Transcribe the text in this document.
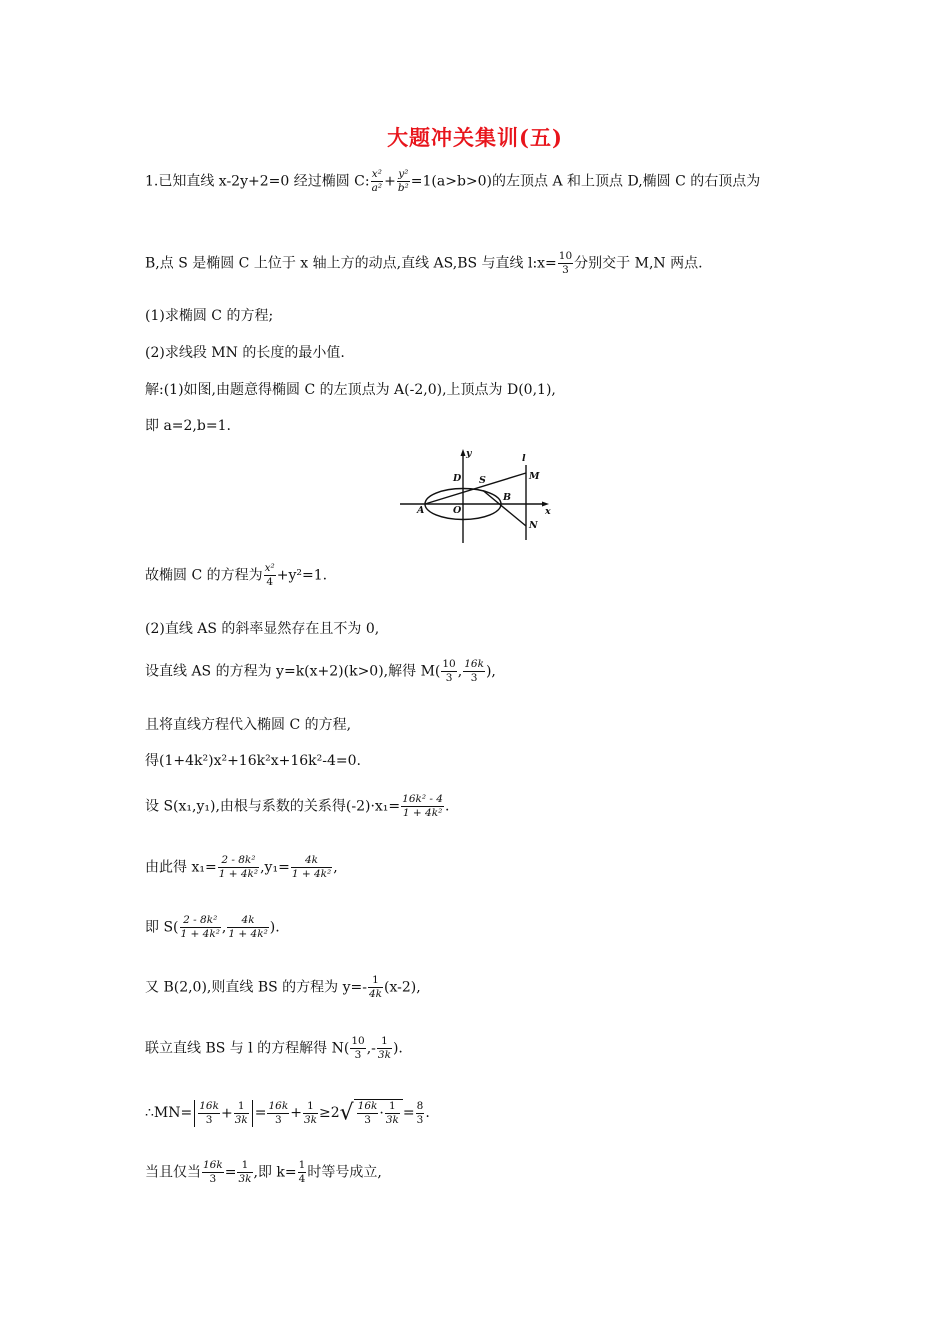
大题冲关集训(五)
1.已知直线 x-2y+2=0 经过椭圆 C: $\frac{\text{x²}}{\text{a²}} + \frac{\text{y²}}{\text{b²}} =1(a>b>0)$的左顶点 A 和上顶点 D,椭圆 C 的右顶点为
B,点 S 是椭圆 C 上位于 x 轴上方的动点,直线 AS,BS 与直线 l:x= $\frac{10}{3}$ 分别交于 M,N 两点.
(1)求椭圆 C 的方程;
(2)求线段 MN 的长度的最小值.
解:(1)如图,由题意得椭圆 C 的左顶点为 A(-2,0),上顶点为 D(0,1),
即 a=2,b=1.
y
x
l
D S	M
B
A	O
N
故椭圆 C 的方程为 $\frac{\text{x²}}{4} +y^2=1$.
(2)直线 AS 的斜率显然存在且不为 0,
设直线 AS 的方程为 y=k(x+2)(k>0),解得 $M( \frac{10}{3}$ , $\frac{16k}{3}$ ),
且将直线方程代入椭圆 C 的方程,
得(1+4k²)x²+16k²x+16k²-4=0.
设 S(x₁,y₁),由根与系数的关系得$(-2)\cdot x_1= \frac{\text{16k² - 4}}{\text{1 + 4k²}}$ .
由此得 $x_1= \frac{\text{2 - 8k²}}{\text{1 + 4k²}} ,y_1= \frac{4k}{\text{1 + 4k²}}$ ,
即 $S( \frac{\text{2 - 8k²}}{\text{1 + 4k²}}$ , $\frac{4k}{\text{1 + 4k²}}$ ).
又 B(2,0),则直线 BS 的方程为 $y=- \frac{1}{4k} (x-2)$,
联立直线 BS 与 l 的方程解得 $N( \frac{10}{3}$ ,- $\frac{1}{3k}$ ).
∴MN= $\frac{16k}{3} + \frac{1}{3k} = \frac{16k}{3} + \frac{1}{3k} \ge 2√ \frac{16k}{3} \cdot \frac{1}{3k} = \frac{8}{3}$ .
当且仅当 $\frac{16k}{3} = \frac{1}{3k}$ ,即 $k= \frac{1}{4}$ 时等号成立,
